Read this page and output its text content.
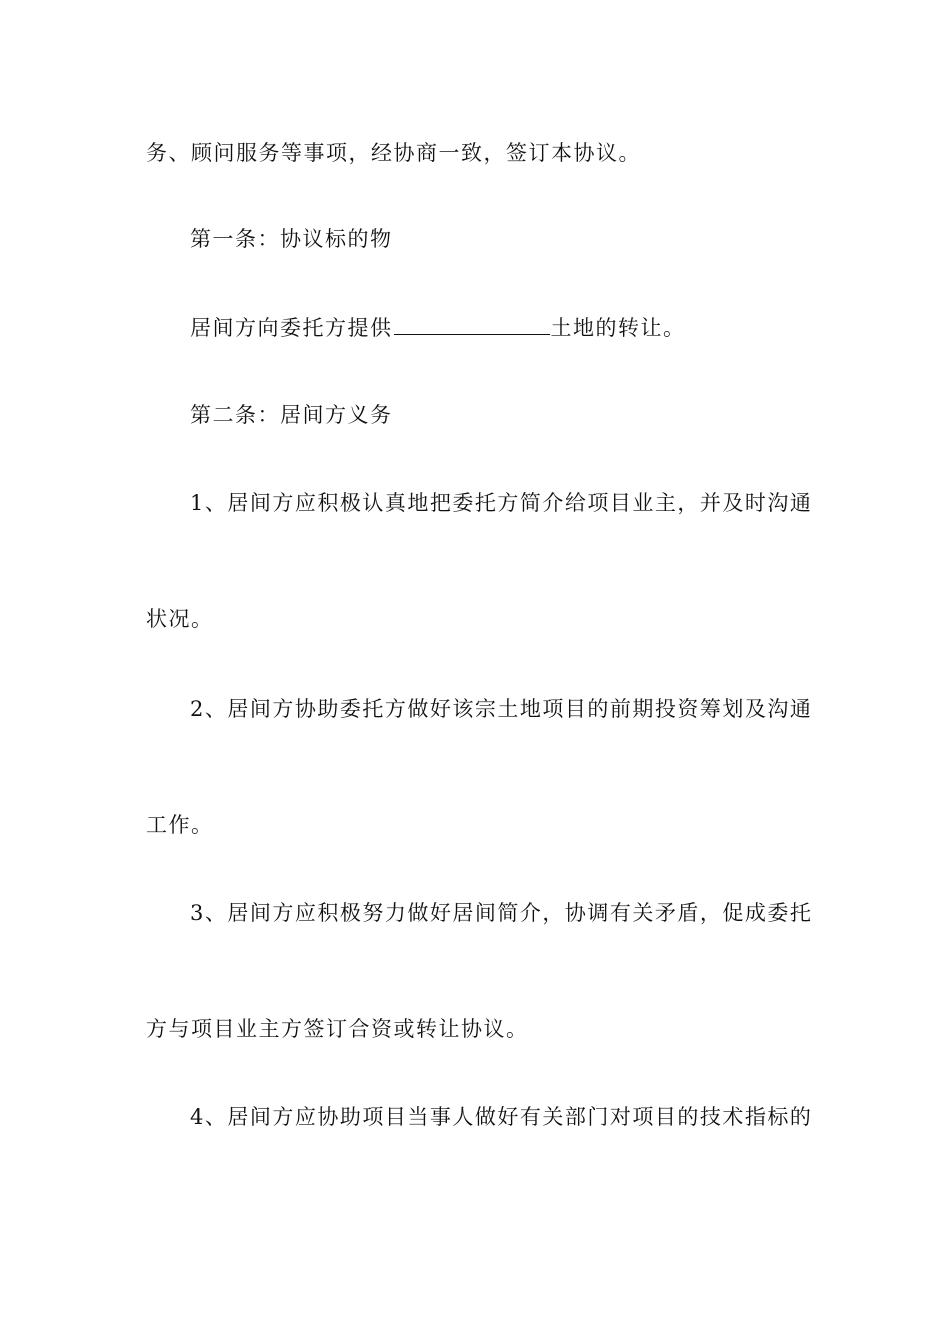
务、顾问服务等事项，经协商一致，签订本协议。
第一条：协议标的物
居间方向委托方提供	土地的转让。
第二条：居间方义务
1、居间方应积极认真地把委托方简介给项目业主，并及时沟通
状况。
2、居间方协助委托方做好该宗土地项目的前期投资筹划及沟通
工作。
3、居间方应积极努力做好居间简介，协调有关矛盾，促成委托
方与项目业主方签订合资或转让协议。
4、居间方应协助项目当事人做好有关部门对项目的技术指标的
